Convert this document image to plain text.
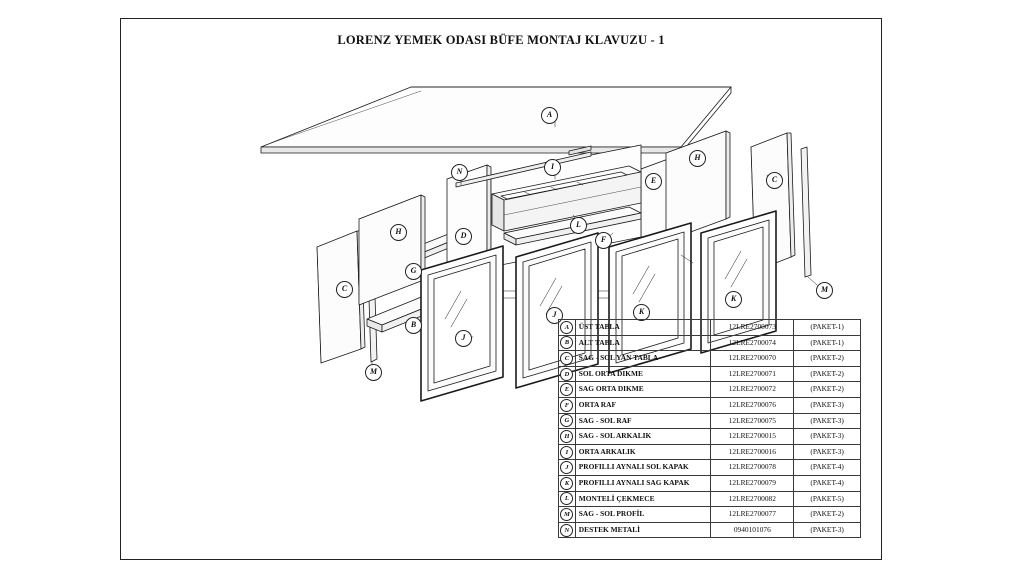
LORENZ YEMEK ODASI BÜFE MONTAJ KLAVUZU - 1
A
N
I
E
H
C
H	D
L
F
G
C
B
J
J	K
K
M
M
A	ÜST TABLA	12LRE2700073	(PAKET-1)
B	ALT TABLA	12LRE2700074	(PAKET-1)
C	SAG - SOL YAN TABLA	12LRE2700070	(PAKET-2)
D	SOL ORTA DIKME	12LRE2700071	(PAKET-2)
E	SAG ORTA DIKME	12LRE2700072	(PAKET-2)
F	ORTA RAF	12LRE2700076	(PAKET-3)
G	SAG - SOL RAF	12LRE2700075	(PAKET-3)
H	SAG - SOL ARKALIK	12LRE2700015	(PAKET-3)
I	ORTA ARKALIK	12LRE2700016	(PAKET-3)
J	PROFILLI AYNALI SOL KAPAK	12LRE2700078	(PAKET-4)
K	PROFILLI AYNALI SAG KAPAK	12LRE2700079	(PAKET-4)
L	MONTELİ ÇEKMECE	12LRE2700082	(PAKET-5)
M	SAG - SOL PROFİL	12LRE2700077	(PAKET-2)
N	DESTEK METALİ	0940101076	(PAKET-3)
